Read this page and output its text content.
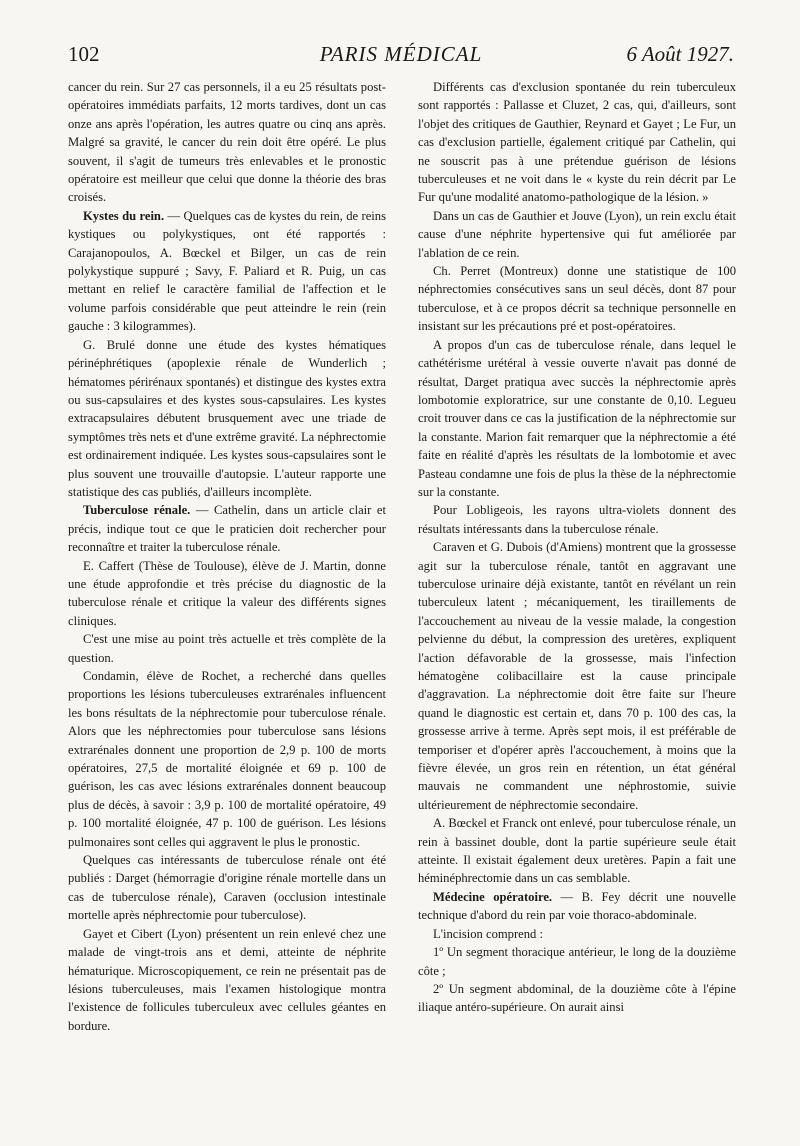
102	PARIS MÉDICAL	6 Août 1927.

cancer du rein. Sur 27 cas personnels, il a eu 25 résultats post-opératoires immédiats parfaits, 12 morts tardives, dont un cas onze ans après l'opération, les autres quatre ou cinq ans après. Malgré sa gravité, le cancer du rein doit être opéré. Le plus souvent, il s'agit de tumeurs très enlevables et le pronostic opératoire est meilleur que celui que donne la théorie des bras croisés.

Kystes du rein. — Quelques cas de kystes du rein, de reins kystiques ou polykystiques, ont été rapportés : Carajanopoulos, A. Bœckel et Bilger, un cas de rein polykystique suppuré ; Savy, F. Paliard et R. Puig, un cas mettant en relief le caractère familial de l'affection et le volume parfois considérable que peut atteindre le rein (rein gauche : 3 kilogrammes).

G. Brulé donne une étude des kystes hématiques périnéphrétiques (apoplexie rénale de Wunderlich ; hématomes périrénaux spontanés) et distingue des kystes extra ou sus-capsulaires et des kystes sous-capsulaires. Les kystes extracapsulaires débutent brusquement avec une triade de symptômes très nets et d'une extrême gravité. La néphrectomie est ordinairement indiquée. Les kystes sous-capsulaires sont le plus souvent une trouvaille d'autopsie. L'auteur rapporte une statistique des cas publiés, d'ailleurs incomplète.

Tuberculose rénale. — Cathelin, dans un article clair et précis, indique tout ce que le praticien doit rechercher pour reconnaître et traiter la tuberculose rénale.

E. Caffert (Thèse de Toulouse), élève de J. Martin, donne une étude approfondie et très précise du diagnostic de la tuberculose rénale et critique la valeur des différents signes cliniques.

C'est une mise au point très actuelle et très complète de la question.

Condamin, élève de Rochet, a recherché dans quelles proportions les lésions tuberculeuses extrarénales influencent les bons résultats de la néphrectomie pour tuberculose rénale. Alors que les néphrectomies pour tuberculose sans lésions extrarénales donnent une proportion de 2,9 p. 100 de morts opératoires, 27,5 de mortalité éloignée et 69 p. 100 de guérison, les cas avec lésions extrarénales donnent beaucoup plus de décès, à savoir : 3,9 p. 100 de mortalité opératoire, 49 p. 100 mortalité éloignée, 47 p. 100 de guérison. Les lésions pulmonaires sont celles qui aggravent le plus le pronostic.

Quelques cas intéressants de tuberculose rénale ont été publiés : Darget (hémorragie d'origine rénale mortelle dans un cas de tuberculose rénale), Caraven (occlusion intestinale mortelle après néphrectomie pour tuberculose).

Gayet et Cibert (Lyon) présentent un rein enlevé chez une malade de vingt-trois ans et demi, atteinte de néphrite hématurique. Microscopiquement, ce rein ne présentait pas de lésions tuberculeuses, mais l'examen histologique montra l'existence de follicules tuberculeux avec cellules géantes en bordure.

Différents cas d'exclusion spontanée du rein tuberculeux sont rapportés : Pallasse et Cluzet, 2 cas, qui, d'ailleurs, sont l'objet des critiques de Gauthier, Reynard et Gayet ; Le Fur, un cas d'exclusion partielle, également critiqué par Cathelin, qui ne souscrit pas à une prétendue guérison de lésions tuberculeuses et ne voit dans le « kyste du rein décrit par Le Fur qu'une modalité anatomo-pathologique de la lésion. »

Dans un cas de Gauthier et Jouve (Lyon), un rein exclu était cause d'une néphrite hypertensive qui fut améliorée par l'ablation de ce rein.

Ch. Perret (Montreux) donne une statistique de 100 néphrectomies consécutives sans un seul décès, dont 87 pour tuberculose, et à ce propos décrit sa technique personnelle en insistant sur les précautions pré et post-opératoires.

A propos d'un cas de tuberculose rénale, dans lequel le cathétérisme urétéral à vessie ouverte n'avait pas donné de résultat, Darget pratiqua avec succès la néphrectomie après lombotomie exploratrice, sur une constante de 0,10. Legueu croit trouver dans ce cas la justification de la néphrectomie sur la constante. Marion fait remarquer que la néphrectomie a été faite en réalité d'après les résultats de la lombotomie et avec Pasteau condamne une fois de plus la thèse de la néphrectomie sur la constante.

Pour Lobligeois, les rayons ultra-violets donnent des résultats intéressants dans la tuberculose rénale.

Caraven et G. Dubois (d'Amiens) montrent que la grossesse agit sur la tuberculose rénale, tantôt en aggravant une tuberculose urinaire déjà existante, tantôt en révélant un rein tuberculeux latent ; mécaniquement, les tiraillements de l'accouchement au niveau de la vessie malade, la congestion pelvienne du début, la compression des uretères, expliquent l'action défavorable de la grossesse, mais l'infection hématogène colibacillaire est la cause principale d'aggravation. La néphrectomie doit être faite sur l'heure quand le diagnostic est certain et, dans 70 p. 100 des cas, la grossesse arrive à terme. Après sept mois, il est préférable de temporiser et d'opérer après l'accouchement, à moins que la fièvre élevée, un gros rein en rétention, un état général mauvais ne commandent une néphrostomie, suivie ultérieurement de néphrectomie secondaire.

A. Bœckel et Franck ont enlevé, pour tuberculose rénale, un rein à bassinet double, dont la partie supérieure seule était atteinte. Il existait également deux uretères. Papin a fait une héminéphrectomie dans un cas semblable.

Médecine opératoire. — B. Fey décrit une nouvelle technique d'abord du rein par voie thoraco-abdominale.

L'incision comprend :

1º Un segment thoracique antérieur, le long de la douzième côte ;

2º Un segment abdominal, de la douzième côte à l'épine iliaque antéro-supérieure. On aurait ainsi
